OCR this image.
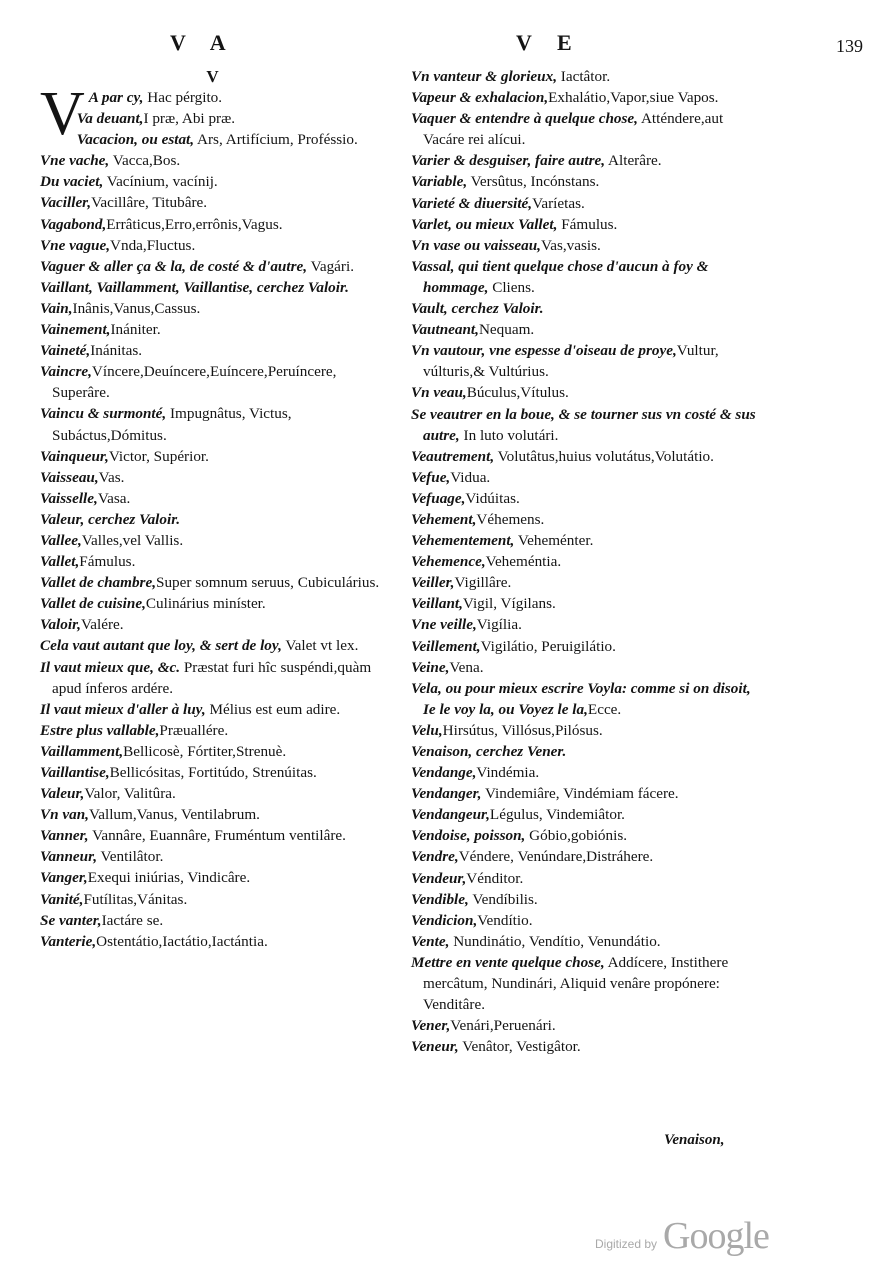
V A	V E	139
V
V A par cy, Hac pérgito.
Va deuant,I præ, Abi præ.
Vacacion, ou estat, Ars, Artifícium, Proféssio.
Vne vache, Vacca,Bos.
Du vaciet, Vacínium, vacínij.
Vaciller,Vacillâre, Titubâre.
Vagabond,Errâticus,Erro,errônis,Vagus.
Vne vague,Vnda,Fluctus.
Vaguer & aller ça & la, de costé & d'autre, Vagári.
Vaillant, Vaillamment, Vaillantise, cerchez Valoir.
Vain,Inânis,Vanus,Cassus.
Vainement,Inániter.
Vaineté,Inánitas.
Vaincre,Víncere,Deuíncere,Euíncere,Peruíncere, Superâre.
Vaincu & surmonté, Impugnâtus, Victus, Subáctus,Dómitus.
Vainqueur,Victor, Supérior.
Vaisseau,Vas.
Vaisselle,Vasa.
Valeur, cerchez Valoir.
Vallee,Valles,vel Vallis.
Vallet,Fámulus.
Vallet de chambre,Super somnum seruus, Cubiculárius.
Vallet de cuisine,Culinárius miníster.
Valoir,Valére.
Cela vaut autant que loy, & sert de loy, Valet vt lex.
Il vaut mieux que, &c. Præstat furi hîc suspéndi,quàm apud ínferos ardére.
Il vaut mieux d'aller à luy, Mélius est eum adire.
Estre plus vallable,Præuallére.
Vaillamment,Bellicosè, Fórtiter,Strenuè.
Vaillantise,Bellicósitas, Fortitúdo, Strenúitas.
Valeur,Valor, Valitûra.
Vn van,Vallum,Vanus, Ventilabrum.
Vanner, Vannâre, Euannâre, Fruméntum ventilâre.
Vanneur, Ventilâtor.
Vanger,Exequi iniúrias, Vindicâre.
Vanité,Futílitas,Vánitas.
Se vanter,Iactáre se.
Vanterie,Ostentátio,Iactátio,Iactántia.
Vn vanteur & glorieux, Iactâtor.
Vapeur & exhalacion,Exhalátio,Vapor,siue Vapos.
Vaquer & entendre à quelque chose, Atténdere,aut Vacáre rei alícui.
Varier & desguiser, faire autre, Alterâre.
Variable, Versûtus, Incónstans.
Varieté & diuersité,Varíetas.
Varlet, ou mieux Vallet, Fámulus.
Vn vase ou vaisseau,Vas,vasis.
Vassal, qui tient quelque chose d'aucun à foy & hommage, Cliens.
Vault, cerchez Valoir.
Vautneant,Nequam.
Vn vautour, vne espesse d'oiseau de proye,Vultur, vúlturis,& Vultúrius.
Vn veau,Búculus,Vítulus.
Se veautrer en la boue, & se tourner sus vn costé & sus autre, In luto volutári.
Veautrement, Volutâtus,huius volutátus,Volutátio.
Vefue,Vidua.
Vefuage,Vidúitas.
Vehement,Véhemens.
Vehementement, Veheménter.
Vehemence,Veheméntia.
Veiller,Vigillâre.
Veillant,Vigil, Vígilans.
Vne veille,Vigília.
Veillement,Vigilátio, Peruigilátio.
Veine,Vena.
Vela, ou pour mieux escrire Voyla: comme si on disoit, Ie le voy la, ou Voyez le la,Ecce.
Velu,Hirsútus, Villósus,Pilósus.
Venaison, cerchez Vener.
Vendange,Vindémia.
Vendanger, Vindemiâre, Vindémiam fácere.
Vendangeur,Légulus, Vindemiâtor.
Vendoise, poisson, Góbio,gobiónis.
Vendre,Véndere, Venúndare,Distráhere.
Vendeur,Vénditor.
Vendible, Vendíbilis.
Vendicion,Vendítio.
Vente, Nundinátio, Vendítio, Venundátio.
Mettre en vente quelque chose, Addícere, Instithere mercâtum, Nundinári, Aliquid venâre propónere: Venditâre.
Vener,Venári,Peruenári.
Veneur, Venâtor, Vestigâtor.
Venaison,
Digitized by Google
